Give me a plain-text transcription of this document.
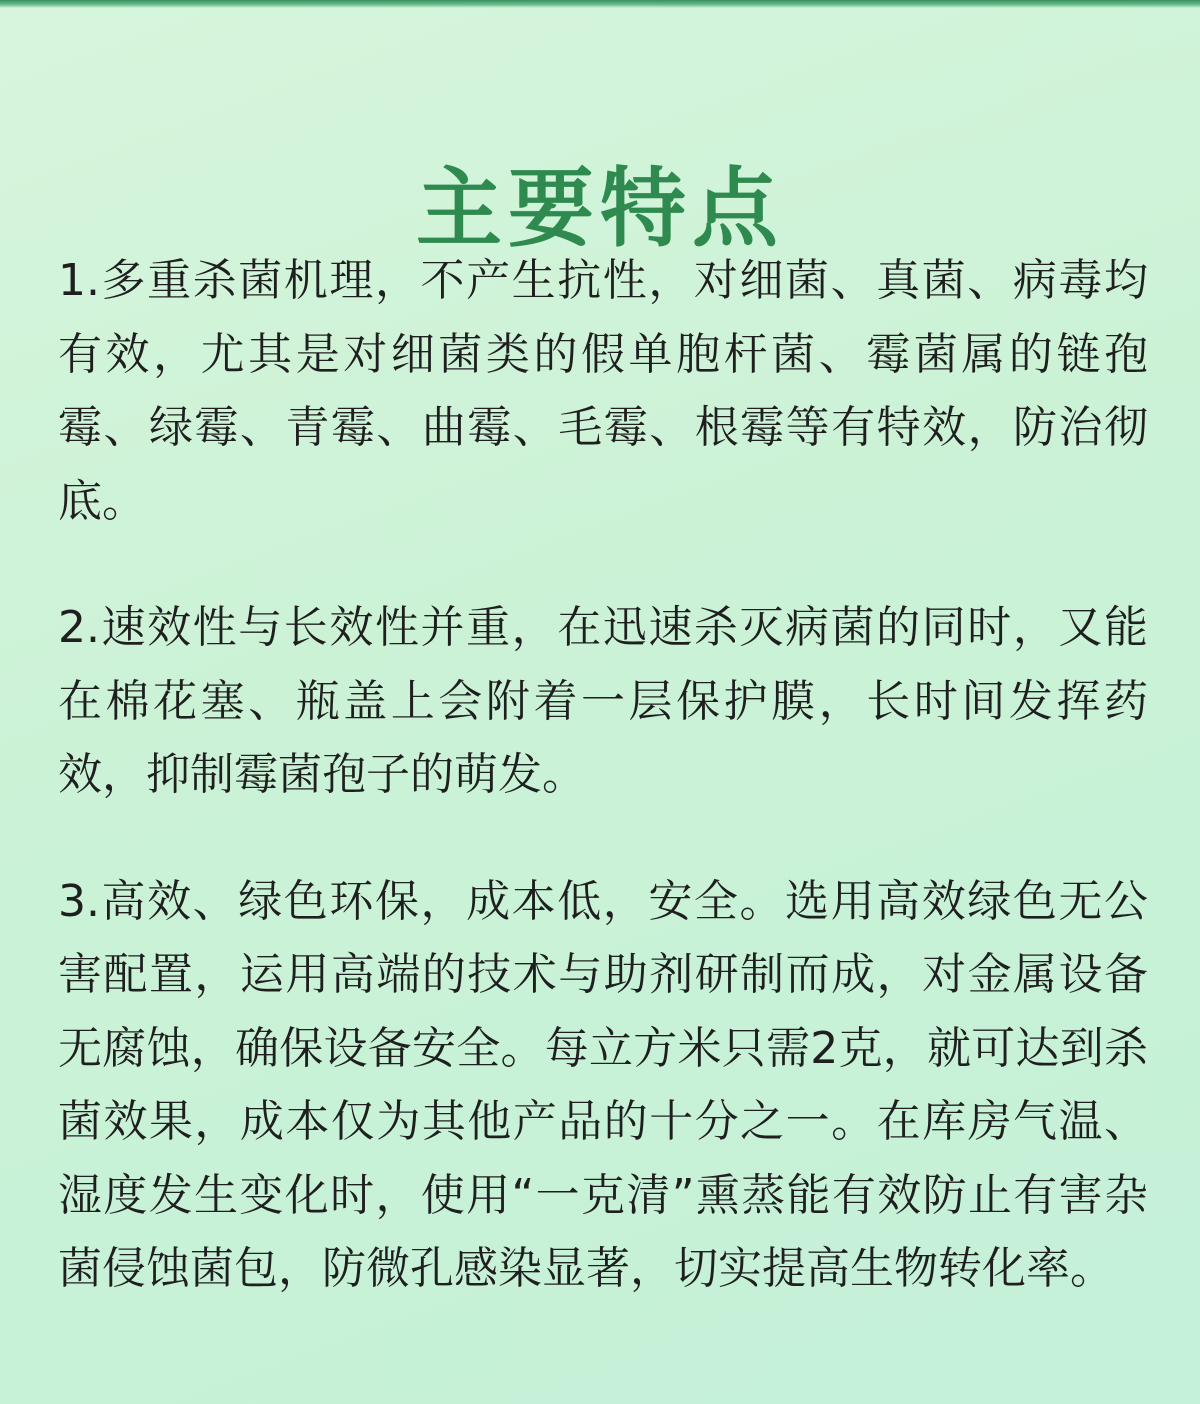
主要特点

1.多重杀菌机理，不产生抗性，对细菌、真菌、病毒均有效，尤其是对细菌类的假单胞杆菌、霉菌属的链孢霉、绿霉、青霉、曲霉、毛霉、根霉等有特效，防治彻底。

2.速效性与长效性并重，在迅速杀灭病菌的同时，又能在棉花塞、瓶盖上会附着一层保护膜，长时间发挥药效，抑制霉菌孢子的萌发。

3.高效、绿色环保，成本低，安全。选用高效绿色无公害配置，运用高端的技术与助剂研制而成，对金属设备无腐蚀，确保设备安全。每立方米只需2克，就可达到杀菌效果，成本仅为其他产品的十分之一。在库房气温、湿度发生变化时，使用“一克清”熏蒸能有效防止有害杂菌侵蚀菌包，防微孔感染显著，切实提高生物转化率。
